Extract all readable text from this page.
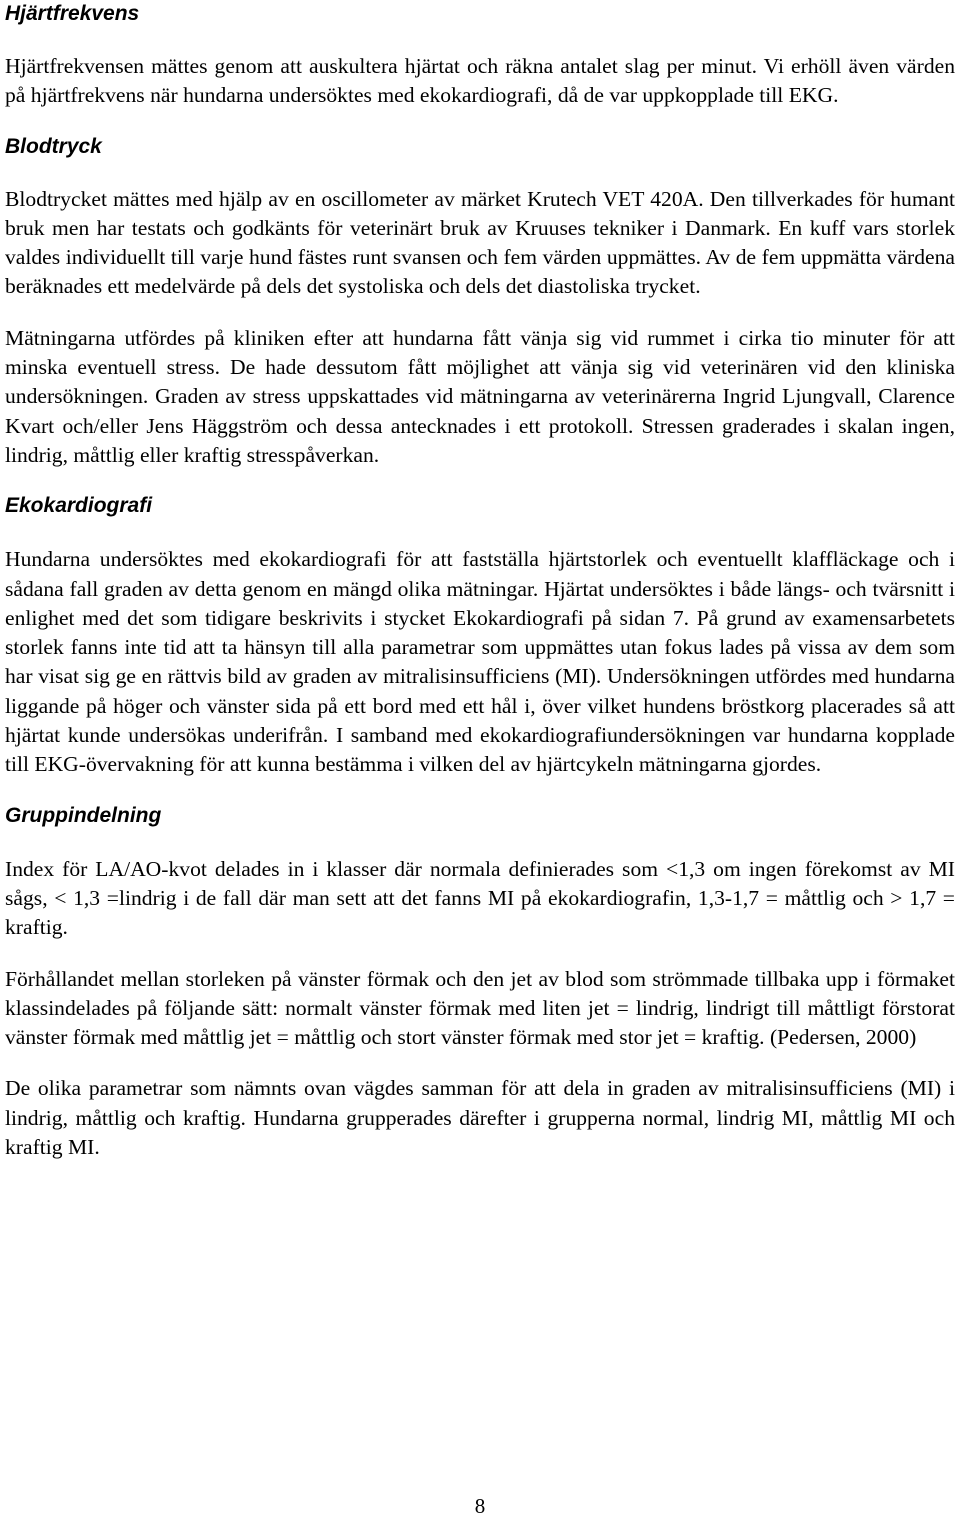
Hjärtfrekvens

Hjärtfrekvensen mättes genom att auskultera hjärtat och räkna antalet slag per minut. Vi erhöll även värden på hjärtfrekvens när hundarna undersöktes med ekokardiografi, då de var uppkopplade till EKG.

Blodtryck

Blodtrycket mättes med hjälp av en oscillometer av märket Krutech VET 420A. Den tillverkades för humant bruk men har testats och godkänts för veterinärt bruk av Kruuses tekniker i Danmark. En kuff vars storlek valdes individuellt till varje hund fästes runt svansen och fem värden uppmättes. Av de fem uppmätta värdena beräknades ett medelvärde på dels det systoliska och dels det diastoliska trycket.

Mätningarna utfördes på kliniken efter att hundarna fått vänja sig vid rummet i cirka tio minuter för att minska eventuell stress. De hade dessutom fått möjlighet att vänja sig vid veterinären vid den kliniska undersökningen. Graden av stress uppskattades vid mätningarna av veterinärerna Ingrid Ljungvall, Clarence Kvart och/eller Jens Häggström och dessa antecknades i ett protokoll. Stressen graderades i skalan ingen, lindrig, måttlig eller kraftig stresspåverkan.

Ekokardiografi

Hundarna undersöktes med ekokardiografi för att fastställa hjärtstorlek och eventuellt klaffläckage och i sådana fall graden av detta genom en mängd olika mätningar. Hjärtat undersöktes i både längs- och tvärsnitt i enlighet med det som tidigare beskrivits i stycket Ekokardiografi på sidan 7. På grund av examensarbetets storlek fanns inte tid att ta hänsyn till alla parametrar som uppmättes utan fokus lades på vissa av dem som har visat sig ge en rättvis bild av graden av mitralisinsufficiens (MI). Undersökningen utfördes med hundarna liggande på höger och vänster sida på ett bord med ett hål i, över vilket hundens bröstkorg placerades så att hjärtat kunde undersökas underifrån. I samband med ekokardiografiundersökningen var hundarna kopplade till EKG-övervakning för att kunna bestämma i vilken del av hjärtcykeln mätningarna gjordes.

Gruppindelning

Index för LA/AO-kvot delades in i klasser där normala definierades som <1,3 om ingen förekomst av MI sågs, < 1,3 =lindrig i de fall där man sett att det fanns MI på ekokardiografin, 1,3-1,7 = måttlig och > 1,7 = kraftig.

Förhållandet mellan storleken på vänster förmak och den jet av blod som strömmade tillbaka upp i förmaket klassindelades på följande sätt: normalt vänster förmak med liten jet = lindrig, lindrigt till måttligt förstorat vänster förmak med måttlig jet = måttlig och stort vänster förmak med stor jet = kraftig. (Pedersen, 2000)

De olika parametrar som nämnts ovan vägdes samman för att dela in graden av mitralisinsufficiens (MI) i lindrig, måttlig och kraftig. Hundarna grupperades därefter i grupperna normal, lindrig MI, måttlig MI och kraftig MI.

8
